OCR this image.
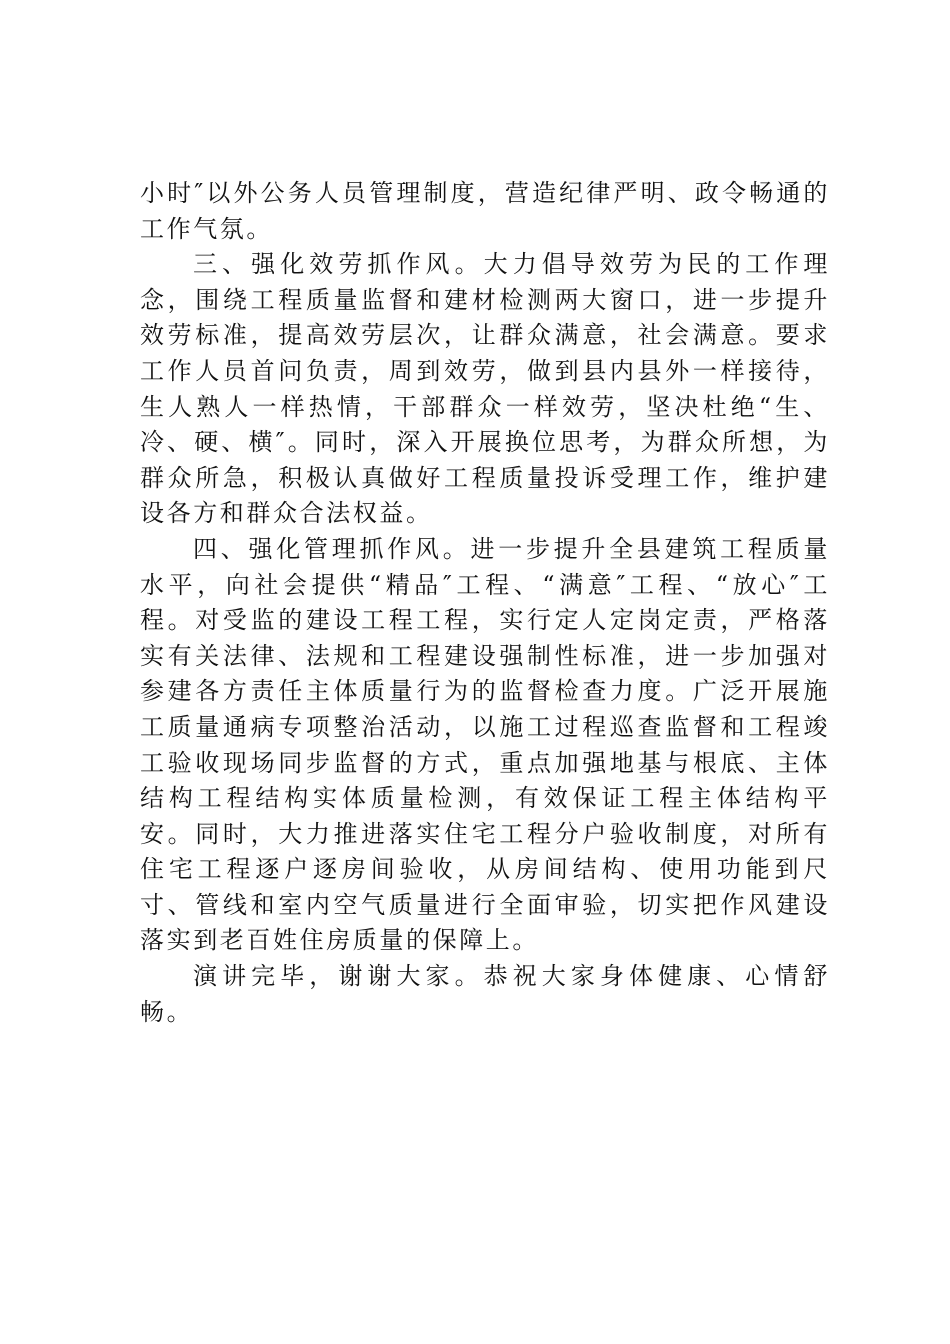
小时″以外公务人员管理制度，营造纪律严明、政令畅通的工作气氛。

三、强化效劳抓作风。大力倡导效劳为民的工作理念，围绕工程质量监督和建材检测两大窗口，进一步提升效劳标准，提高效劳层次，让群众满意，社会满意。要求工作人员首问负责，周到效劳，做到县内县外一样接待，生人熟人一样热情，干部群众一样效劳，坚决杜绝“生、冷、硬、横″。同时，深入开展换位思考，为群众所想，为群众所急，积极认真做好工程质量投诉受理工作，维护建设各方和群众合法权益。

四、强化管理抓作风。进一步提升全县建筑工程质量水平，向社会提供“精品″工程、“满意″工程、“放心″工程。对受监的建设工程工程，实行定人定岗定责，严格落实有关法律、法规和工程建设强制性标准，进一步加强对参建各方责任主体质量行为的监督检查力度。广泛开展施工质量通病专项整治活动，以施工过程巡查监督和工程竣工验收现场同步监督的方式，重点加强地基与根底、主体结构工程结构实体质量检测，有效保证工程主体结构平安。同时，大力推进落实住宅工程分户验收制度，对所有住宅工程逐户逐房间验收，从房间结构、使用功能到尺寸、管线和室内空气质量进行全面审验，切实把作风建设落实到老百姓住房质量的保障上。

演讲完毕，谢谢大家。恭祝大家身体健康、心情舒畅。
